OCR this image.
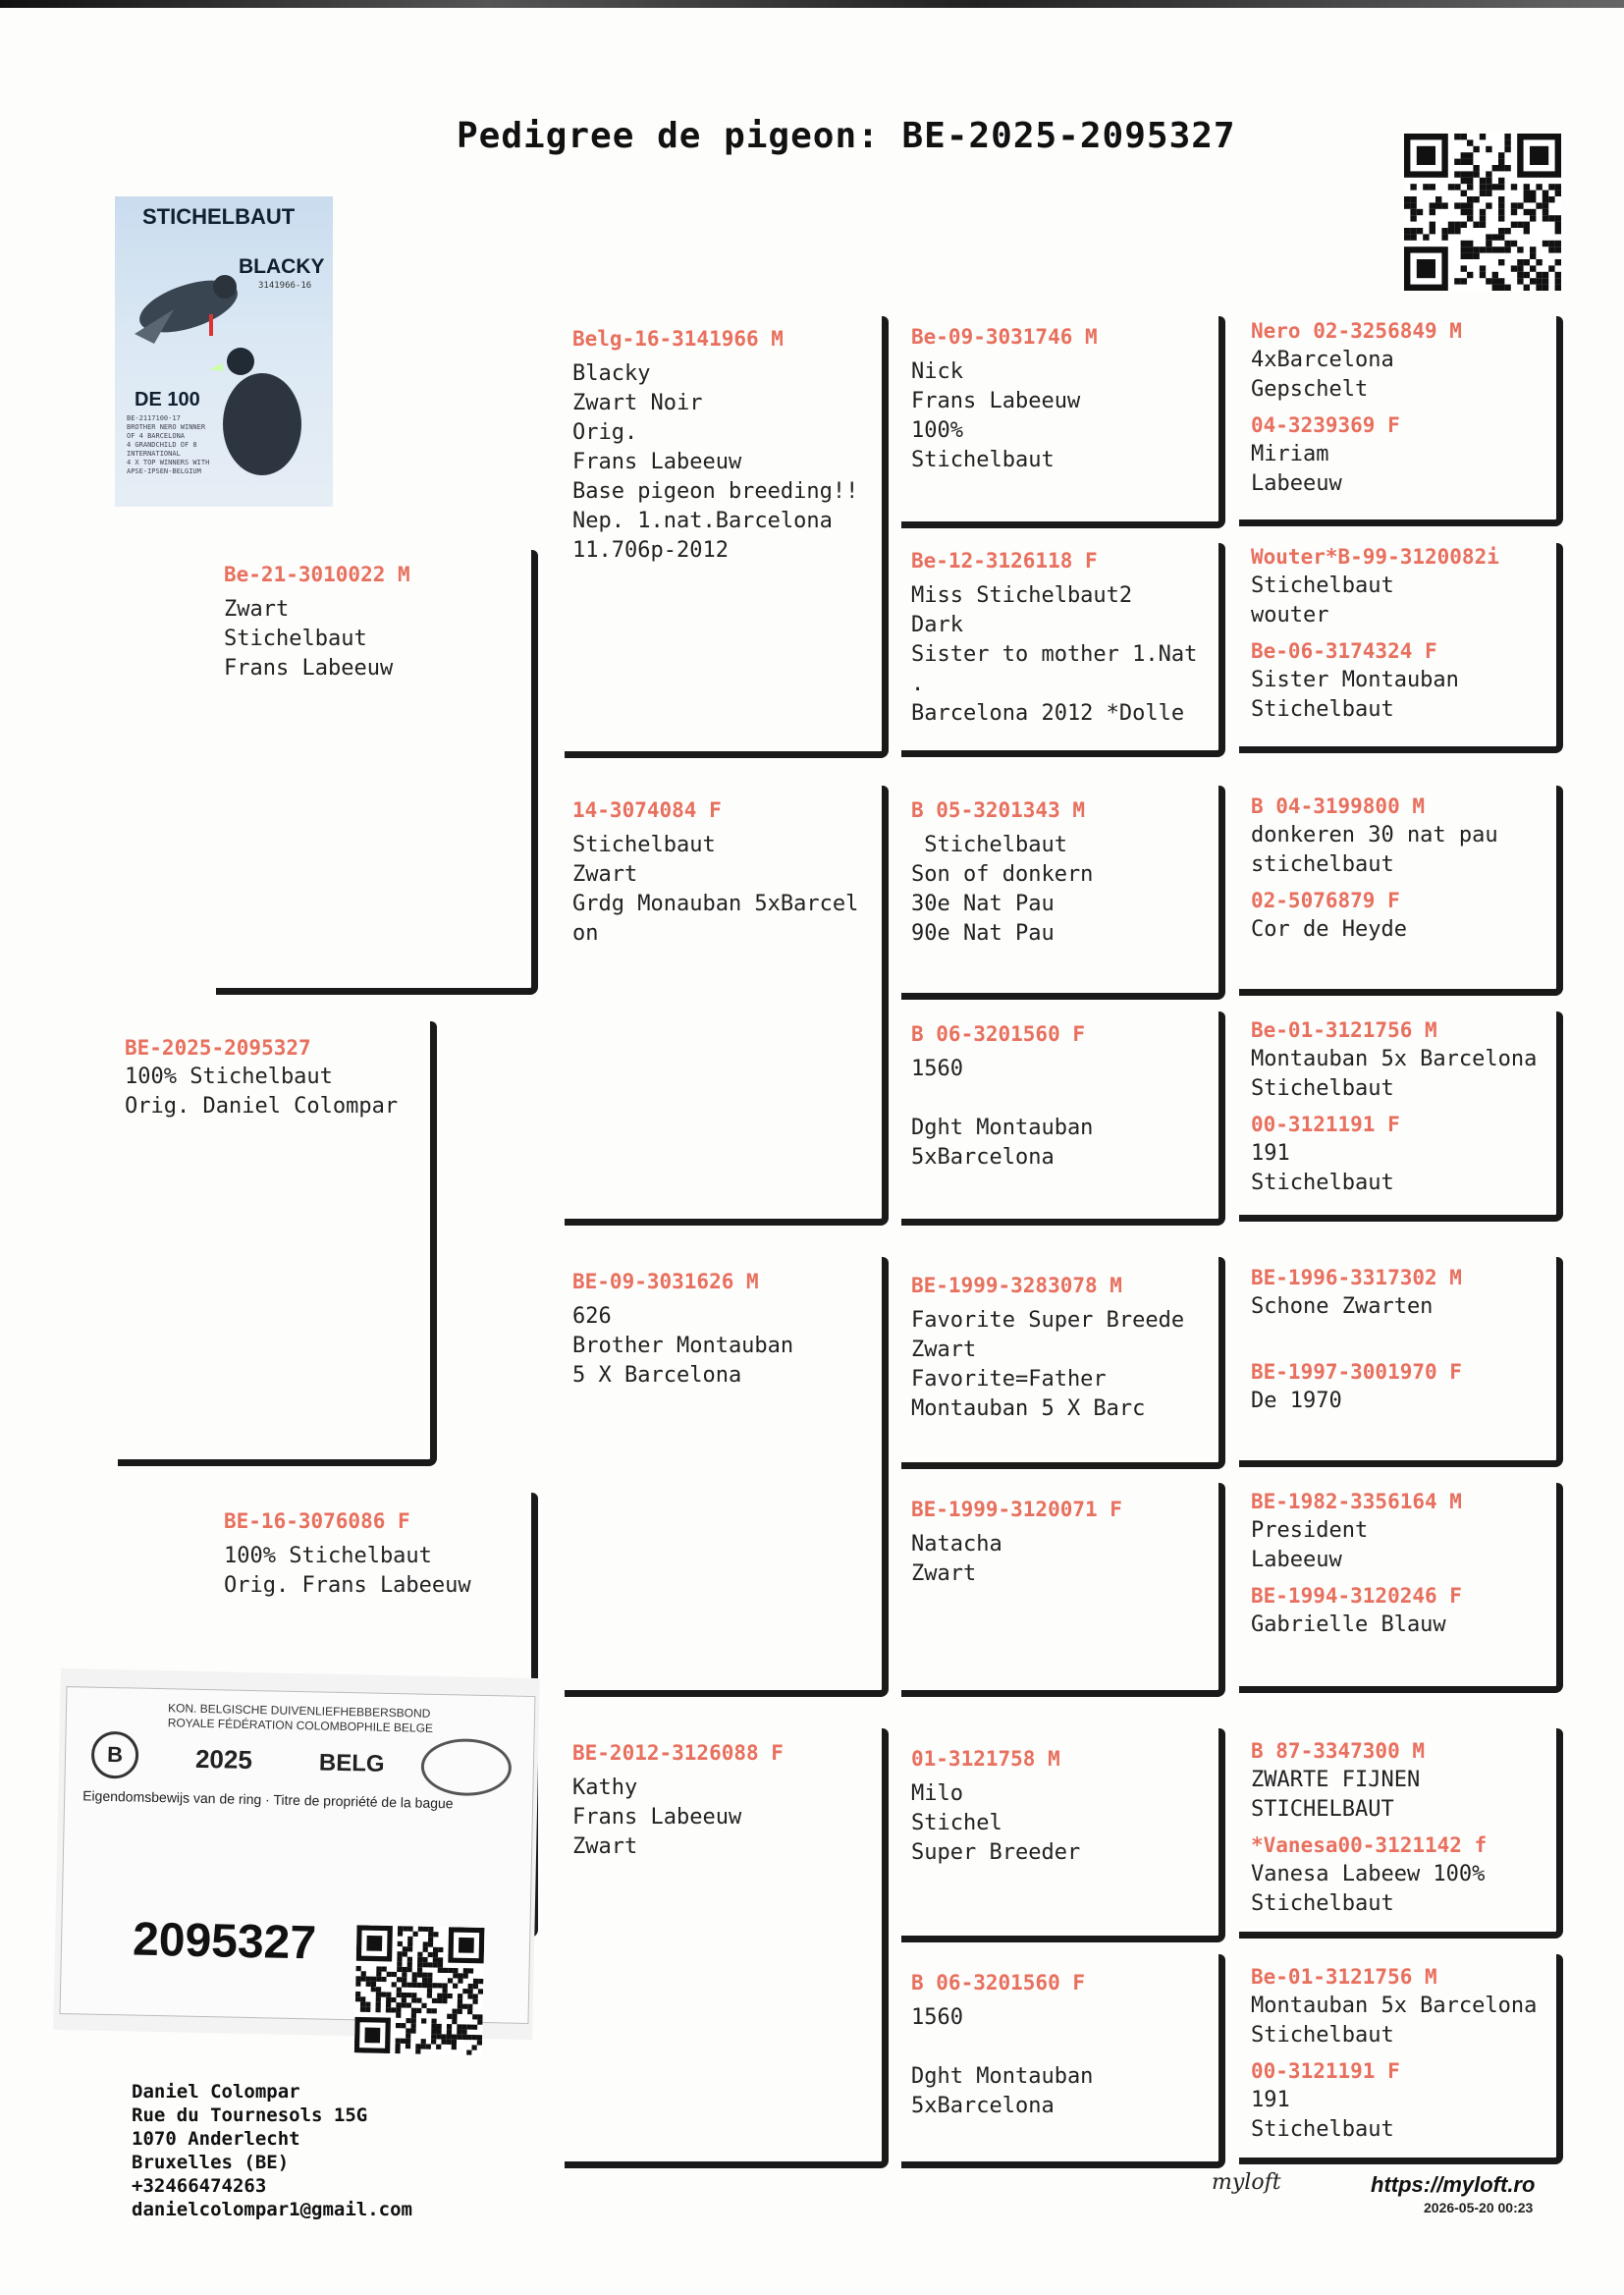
Pedigree de pigeon: BE-2025-2095327
STICHELBAUT
BLACKY
3141966-16
DE 100
BE-2117100-17
BROTHER NERO WINNER
OF 4 BARCELONA
4 GRANDCHILD OF 8
INTERNATIONAL
4 X TOP WINNERS WITH
APSE-IPSEN-BELGIUM
BE-2025-2095327
100% Stichelbaut
Orig. Daniel Colompar
Be-21-3010022 M
Zwart
Stichelbaut
Frans Labeeuw
BE-16-3076086 F
100% Stichelbaut
Orig. Frans Labeeuw
Belg-16-3141966 M
Blacky
Zwart Noir
Orig.
Frans Labeeuw
Base pigeon breeding!!
Nep. 1.nat.Barcelona
11.706p-2012
14-3074084 F
Stichelbaut
Zwart
Grdg Monauban 5xBarcel
on
BE-09-3031626 M
626
Brother Montauban
5 X Barcelona
BE-2012-3126088 F
Kathy
Frans Labeeuw
Zwart
Be-09-3031746 M
Nick
Frans Labeeuw
100%
Stichelbaut
Be-12-3126118 F
Miss Stichelbaut2
Dark
Sister to mother 1.Nat
.
Barcelona 2012 *Dolle
B 05-3201343 M
Stichelbaut
Son of donkern
30e Nat Pau
90e Nat Pau
B 06-3201560 F
1560
Dght Montauban
5xBarcelona
BE-1999-3283078 M
Favorite Super Breede
Zwart
Favorite=Father
Montauban 5 X Barc
BE-1999-3120071 F
Natacha
Zwart
01-3121758 M
Milo
Stichel
Super Breeder
B 06-3201560 F
1560
Dght Montauban
5xBarcelona
Nero 02-3256849 M
4xBarcelona
Gepschelt
04-3239369 F
Miriam
Labeeuw
Wouter*B-99-3120082i
Stichelbaut
wouter
Be-06-3174324 F
Sister Montauban
Stichelbaut
B 04-3199800 M
donkeren 30 nat pau
stichelbaut
02-5076879 F
Cor de Heyde
Be-01-3121756 M
Montauban 5x Barcelona
Stichelbaut
00-3121191 F
191
Stichelbaut
BE-1996-3317302 M
Schone Zwarten
BE-1997-3001970 F
De 1970
BE-1982-3356164 M
President
Labeeuw
BE-1994-3120246 F
Gabrielle Blauw
B 87-3347300 M
ZWARTE FIJNEN
STICHELBAUT
*Vanesa00-3121142 f
Vanesa Labeew 100%
Stichelbaut
Be-01-3121756 M
Montauban 5x Barcelona
Stichelbaut
00-3121191 F
191
Stichelbaut
B
KON. BELGISCHE DUIVENLIEFHEBBERSBOND
ROYALE FÉDÉRATION COLOMBOPHILE BELGE
2025	BELG
Eigendomsbewijs van de ring · Titre de propriété de la bague
2095327
Daniel Colompar
Rue du Tournesols 15G
1070 Anderlecht
Bruxelles (BE)
+32466474263
danielcolompar1@gmail.com
myloft	https://myloft.ro
2026-05-20 00:23
